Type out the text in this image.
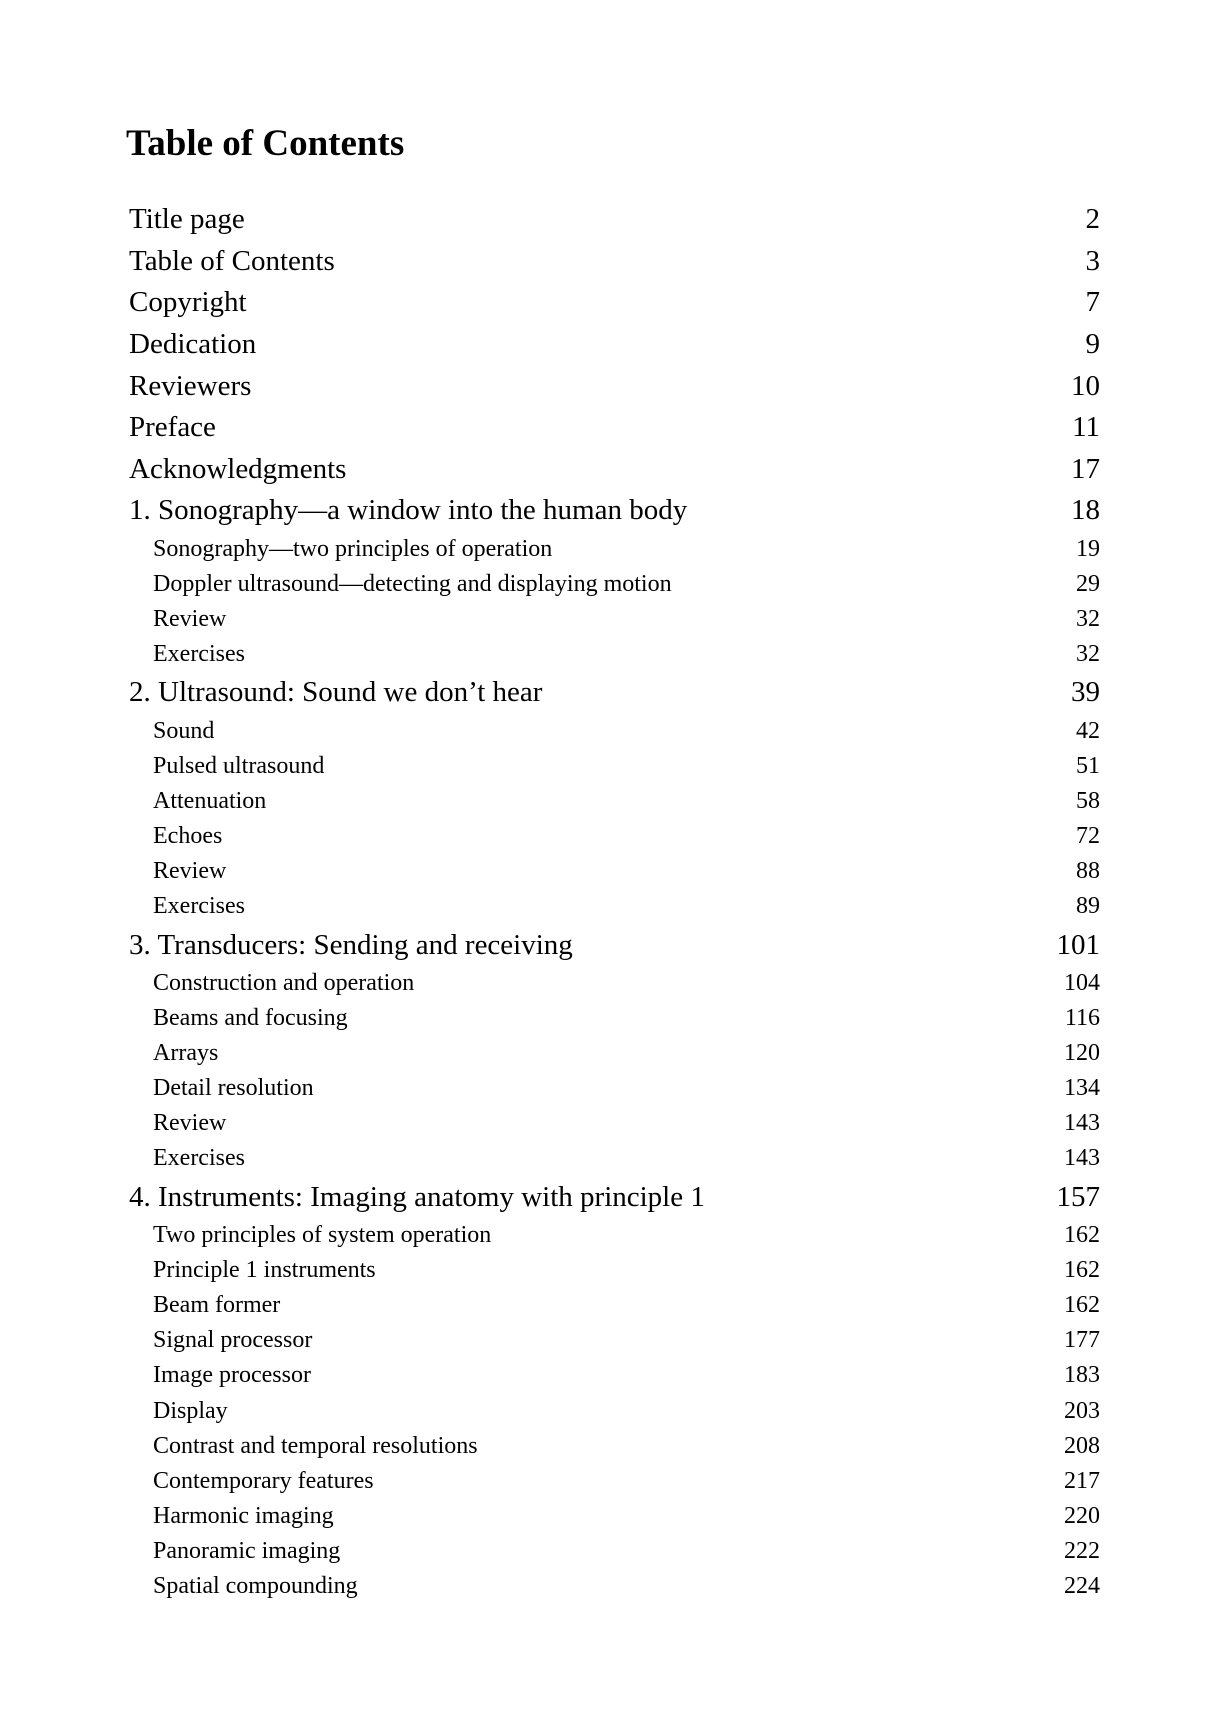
Table of Contents
Title page	2
Table of Contents	3
Copyright	7
Dedication	9
Reviewers	10
Preface	11
Acknowledgments	17
1. Sonography—a window into the human body	18
Sonography—two principles of operation	19
Doppler ultrasound—detecting and displaying motion	29
Review	32
Exercises	32
2. Ultrasound: Sound we don’t hear	39
Sound	42
Pulsed ultrasound	51
Attenuation	58
Echoes	72
Review	88
Exercises	89
3. Transducers: Sending and receiving	101
Construction and operation	104
Beams and focusing	116
Arrays	120
Detail resolution	134
Review	143
Exercises	143
4. Instruments: Imaging anatomy with principle 1	157
Two principles of system operation	162
Principle 1 instruments	162
Beam former	162
Signal processor	177
Image processor	183
Display	203
Contrast and temporal resolutions	208
Contemporary features	217
Harmonic imaging	220
Panoramic imaging	222
Spatial compounding	224
